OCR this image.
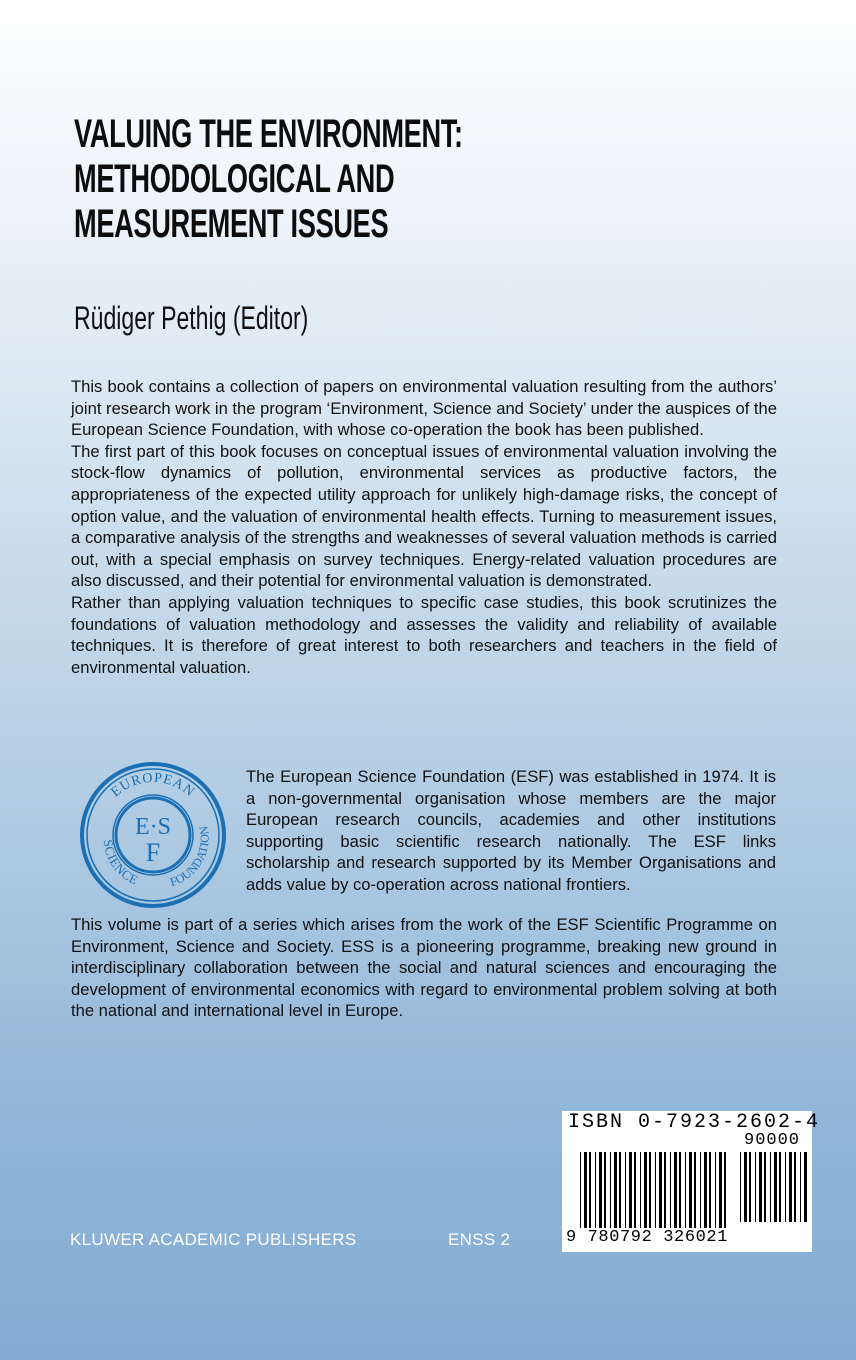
VALUING THE ENVIRONMENT:
METHODOLOGICAL AND
MEASUREMENT ISSUES
Rüdiger Pethig (Editor)

This book contains a collection of papers on environmental valuation resulting from the authors’ joint research work in the program ‘Environment, Science and Society’ under the auspices of the European Science Foundation, with whose co-operation the book has been published.

The first part of this book focuses on conceptual issues of environmental valuation involving the stock-flow dynamics of pollution, environmental services as productive factors, the appropriateness of the expected utility approach for unlikely high-damage risks, the concept of option value, and the valuation of environmental health effects. Turning to measurement issues, a comparative analysis of the strengths and weaknesses of several valuation methods is carried out, with a special emphasis on survey techniques. Energy-related valuation procedures are also discussed, and their potential for environmental valuation is demonstrated.

Rather than applying valuation techniques to specific case studies, this book scrutinizes the foundations of valuation methodology and assesses the validity and reliability of available techniques. It is therefore of great interest to both researchers and teachers in the field of environmental valuation.

EUROPEAN
SCIENCE FOUNDATION
E·S
F

The European Science Foundation (ESF) was established in 1974. It is a non-governmental organisation whose members are the major European research councils, academies and other institutions supporting basic scientific research nationally. The ESF links scholarship and research supported by its Member Organisations and adds value by co-operation across national frontiers.

This volume is part of a series which arises from the work of the ESF Scientific Programme on Environment, Science and Society. ESS is a pioneering programme, breaking new ground in interdisciplinary collaboration between the social and natural sciences and encouraging the development of environmental economics with regard to environmental problem solving at both the national and international level in Europe.

ISBN 0-7923-2602-4
90000
9 780792 326021
KLUWER ACADEMIC PUBLISHERS	ENSS 2
